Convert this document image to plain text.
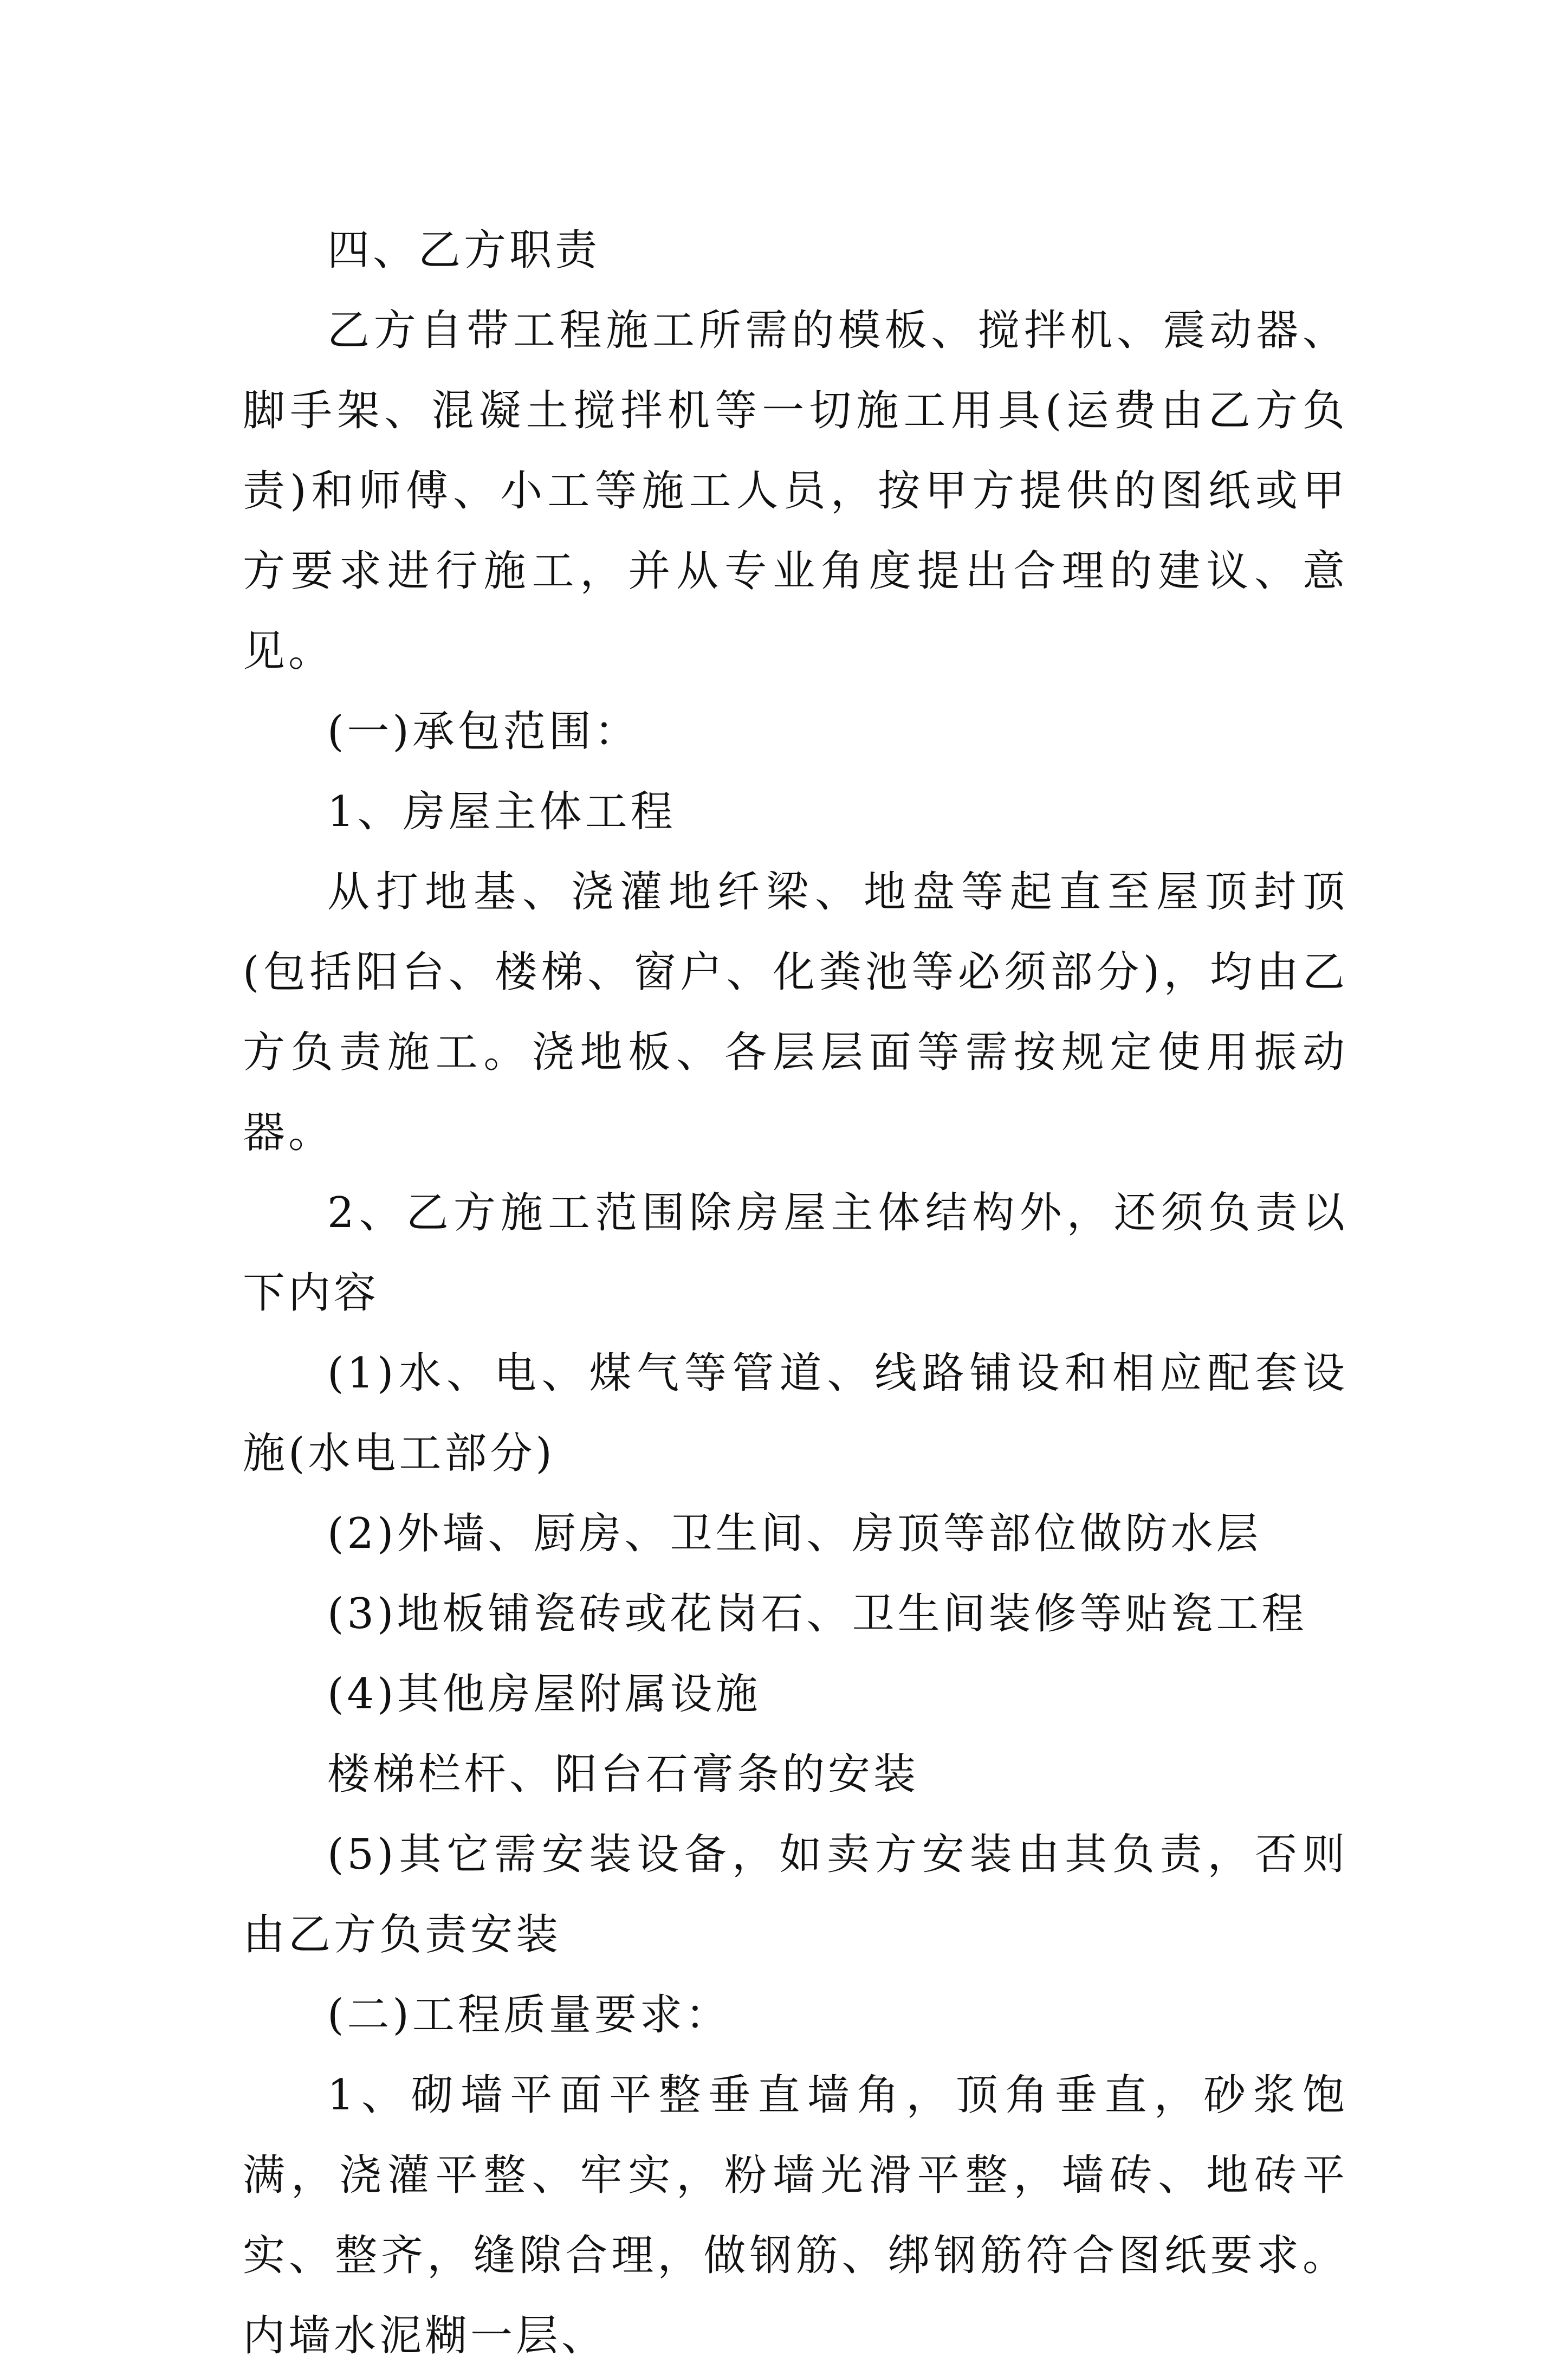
四、乙方职责

乙方自带工程施工所需的模板、搅拌机、震动器、脚手架、混凝土搅拌机等一切施工用具(运费由乙方负责)和师傅、小工等施工人员，按甲方提供的图纸或甲方要求进行施工，并从专业角度提出合理的建议、意见。

(一)承包范围：

1、房屋主体工程

从打地基、浇灌地纤梁、地盘等起直至屋顶封顶(包括阳台、楼梯、窗户、化粪池等必须部分)，均由乙方负责施工。浇地板、各层层面等需按规定使用振动器。

2、乙方施工范围除房屋主体结构外，还须负责以下内容

(1)水、电、煤气等管道、线路铺设和相应配套设施(水电工部分)

(2)外墙、厨房、卫生间、房顶等部位做防水层

(3)地板铺瓷砖或花岗石、卫生间装修等贴瓷工程

(4)其他房屋附属设施

楼梯栏杆、阳台石膏条的安装

(5)其它需安装设备，如卖方安装由其负责，否则由乙方负责安装

(二)工程质量要求：

1、砌墙平面平整垂直墙角，顶角垂直，砂浆饱满，浇灌平整、牢实，粉墙光滑平整，墙砖、地砖平实、整齐，缝隙合理，做钢筋、绑钢筋符合图纸要求。内墙水泥糊一层、
